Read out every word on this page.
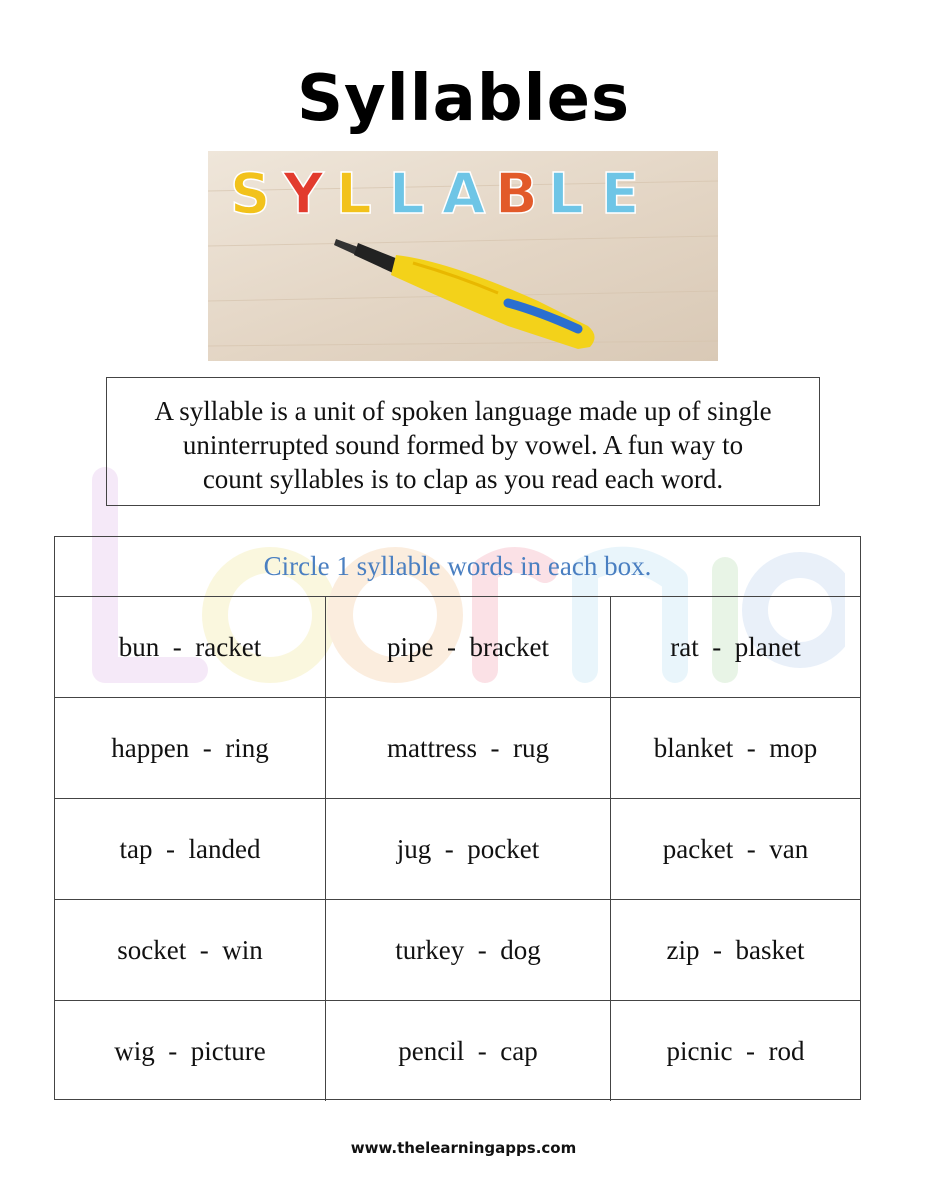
Syllables
S Y L L A B L E
A syllable is a unit of spoken language made up of single
uninterrupted sound formed by vowel. A fun way to
count syllables is to clap as you read each word.
Circle 1 syllable words in each box.
bun  -  racket	pipe  -  bracket	rat  -  planet
happen  -  ring	mattress  -  rug	blanket  -  mop
tap  -  landed	jug  -  pocket	packet  -  van
socket  -  win	turkey  -  dog	zip  -  basket
wig  -  picture	pencil  -  cap	picnic  -  rod
www.thelearningapps.com
